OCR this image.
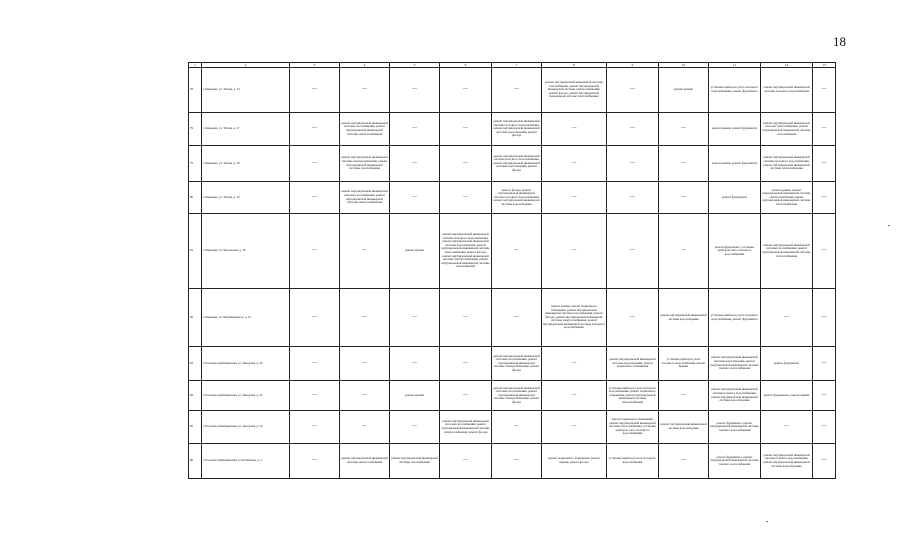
18
1	2	3	4	5	6	7	8	9	10	11	12	13
78	г. Кирьевка, ул. Титова, д. 13	—	—	—	—	—	ремонт внутридомовой инженерной системы газоснабжения, ремонт внутридомовой инженерной системы электроснабжения, ремонт фасада, ремонт внутридомовой инженерной системы теплоснабжения	—	ремонт крыши	установка приборов учета холодного водоснабжения, ремонт фундамента	ремонт внутридомовой инженерной системы холодного водоснабжения	—
79	г. Кирьевка, ул. Титова, д. 17	—	ремонт внутридомовой инженерной системы газоснабжения, ремонт внутридомовой инженерной системы электроснабжения	—	—	ремонт внутридомовой инженерной системы холодного водоснабжения, ремонт внутридомовой инженерной системы водоотведения, ремонт фасада	—	—	—	ремонт крыши, ремонт фундамента	ремонт внутридомовой инженерной системы теплоснабжения, ремонт внутридомовой инженерной системы газоснабжения	—
79	г. Кирьевка, ул. Титова, д. 18	—	ремонт внутридомовой инженерной системы электроснабжения, ремонт внутридомовой инженерной системы газоснабжения	—	—	ремонт внутридомовой инженерной системы холодного водоснабжения, ремонт внутридомовой инженерной системы водоотведения, ремонт фасада	—	—	—	ремонт крыши, ремонт фундамента	ремонт внутридомовой инженерной системы холодного водоснабжения, ремонт внутридомовой инженерной системы теплоснабжения	—
80	г. Кирьевка, ул. Титова, д. 19	—	ремонт внутридомовой инженерной системы газоснабжения, ремонт внутридомовой инженерной системы электроснабжения	—	—	ремонт фасада, ремонт внутридомовой инженерной системы холодного водоснабжения, ремонт внутридомовой инженерной системы водоотведения	—	—	—	ремонт фундамента	ремонт крыши, ремонт внутридомовой инженерной системы электроснабжения, ремонт внутридомовой инженерной системы теплоснабжения	—
81	г. Кирьевка, ул. Чкаловская, д. 18	—	—	ремонт крыши	ремонт внутридомовой инженерной системы холодного водоснабжения, ремонт внутридомовой инженерной системы водоотведения, ремонт внутридомовой инженерной системы теплоснабжения, ремонт фасада, ремонт внутридомовой инженерной системы электроснабжения, ремонт внутридомовой инженерной системы газоснабжения	—	—	—	—	ремонт фундамента, установка приборов учета холодного водоснабжения	ремонт внутридомовой инженерной системы газоснабжения, ремонт внутридомовой инженерной системы теплоснабжения	—
82	г. Кирьевка, ул. Чернышевского, д. 21	—	—	—	—	—	ремонт крыши, ремонт подвального помещения, ремонт внутридомовой инженерной системы газоснабжения, ремонт фасада, ремонт внутридомовой инженерной системы электроснабжения, ремонт внутридомовой инженерной системы холодного водоснабжения	—	ремонт внутридомовой инженерной системы водоотведения	установка приборов учета холодного водоснабжения, ремонт фундамента	—	—
83	г. Болохово-Дмитриевская, ул. Заводская, д. 20	—	—	—	—	ремонт внутридомовой инженерной системы газоснабжения, ремонт внутридомовой инженерной системы электроснабжения, ремонт фасада	—	ремонт внутридомовой инженерной системы водоотведения, ремонт подвального помещения	установка приборов учета холодного водоснабжения, ремонт крыши	ремонт внутридомовой инженерной системы водоотведения, ремонт внутридомовой инженерной системы горячего водоснабжения	ремонт фундамента	—
84	г. Болохово-Дмитриевская, ул. Заводская, д. 22	—	—	ремонт крыши	—	ремонт внутридомовой инженерной системы газоснабжения, ремонт внутридомовой инженерной системы электроснабжения, ремонт фасада	—	установка приборов учета холодного водоснабжения, ремонт подвального помещения, ремонт внутридомовой инженерной системы теплоснабжения	—	ремонт внутридомовой инженерной системы горячего водоснабжения, ремонт внутридомовой инженерной системы водоотведения	ремонт фундамента, ремонт крыши	—
85	г. Болохово-Дмитриевская, ул. Заводская, д. 24	—	—	—	ремонт внутридомовой инженерной системы газоснабжения, ремонт внутридомовой инженерной системы электроснабжения, ремонт фасада	—	—	ремонт подвального помещения, ремонт внутридомовой инженерной системы теплоснабжения, установка приборов учета холодного водоснабжения	ремонт внутридомовой инженерной системы водоотведения	ремонт фундамента, ремонт внутридомовой инженерной системы горячего водоснабжения	—	—
86	г. Болохово-Дмитриевская, ул. Катыбаева, д. 3	—	ремонт внутридомовой инженерной системы электроснабжения	ремонт внутридомовой инженерной системы газоснабжения	—	—	ремонт подвального помещения, ремонт крыши, ремонт фасада	установка приборов учета холодного водоснабжения	—	ремонт фундамента, ремонт внутридомовой инженерной системы горячего водоснабжения	ремонт внутридомовой инженерной системы горячего водоснабжения, ремонт внутридомовой инженерной системы водоотведения	—
